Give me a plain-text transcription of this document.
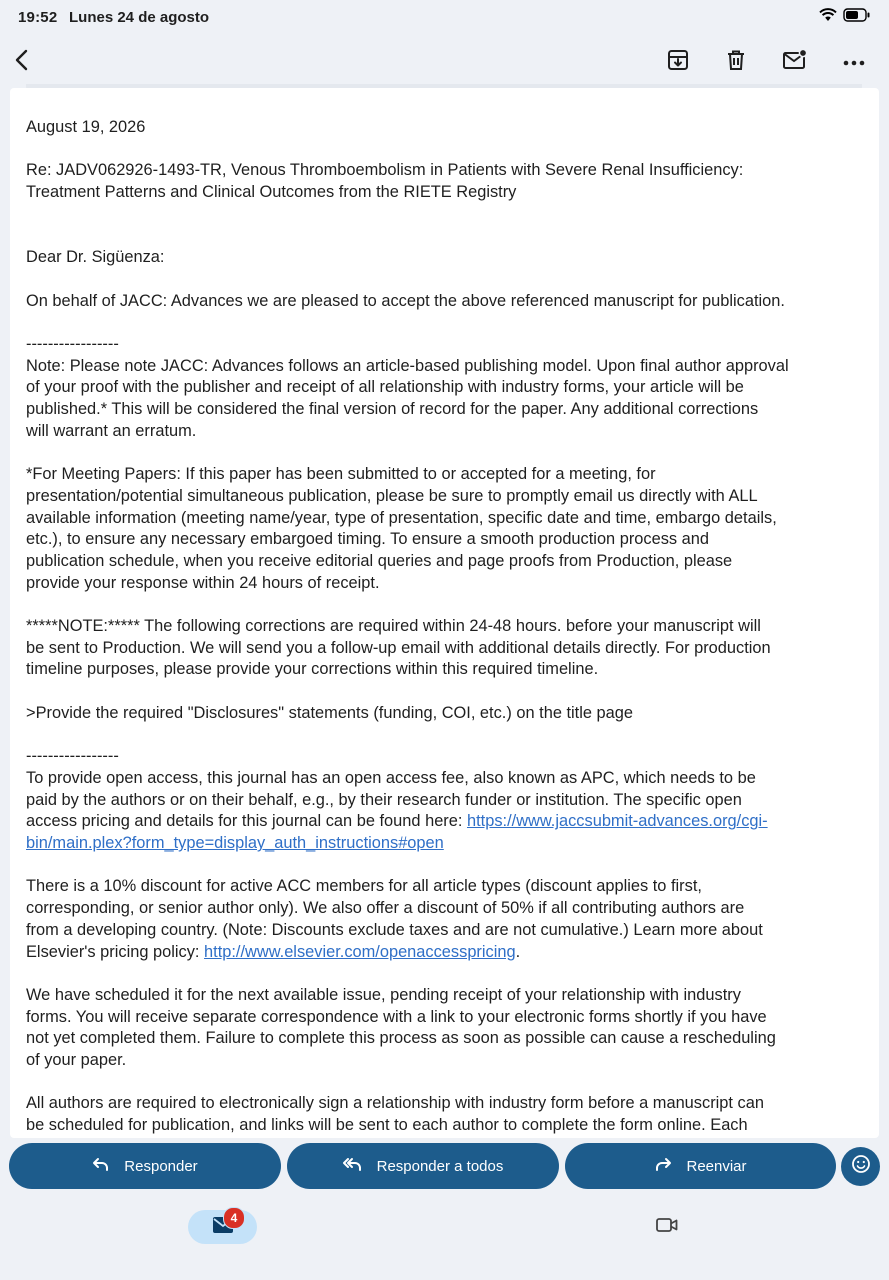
19:52 Lunes 24 de agosto

August 19, 2026

Re: JADV062926-1493-TR, Venous Thromboembolism in Patients with Severe Renal Insufficiency:
Treatment Patterns and Clinical Outcomes from the RIETE Registry

Dear Dr. Sigüenza:

On behalf of JACC: Advances we are pleased to accept the above referenced manuscript for publication.

-----------------

Note: Please note JACC: Advances follows an article-based publishing model. Upon final author approval
of your proof with the publisher and receipt of all relationship with industry forms, your article will be
published.* This will be considered the final version of record for the paper. Any additional corrections
will warrant an erratum.

*For Meeting Papers: If this paper has been submitted to or accepted for a meeting, for
presentation/potential simultaneous publication, please be sure to promptly email us directly with ALL
available information (meeting name/year, type of presentation, specific date and time, embargo details,
etc.), to ensure any necessary embargoed timing. To ensure a smooth production process and
publication schedule, when you receive editorial queries and page proofs from Production, please
provide your response within 24 hours of receipt.

*****NOTE:***** The following corrections are required within 24-48 hours. before your manuscript will
be sent to Production. We will send you a follow-up email with additional details directly. For production
timeline purposes, please provide your corrections within this required timeline.

>Provide the required "Disclosures" statements (funding, COI, etc.) on the title page

-----------------

To provide open access, this journal has an open access fee, also known as APC, which needs to be
paid by the authors or on their behalf, e.g., by their research funder or institution. The specific open
access pricing and details for this journal can be found here: https://www.jaccsubmit-advances.org/cgi-
bin/main.plex?form_type=display_auth_instructions#open

There is a 10% discount for active ACC members for all article types (discount applies to first,
corresponding, or senior author only). We also offer a discount of 50% if all contributing authors are
from a developing country. (Note: Discounts exclude taxes and are not cumulative.) Learn more about
Elsevier's pricing policy: http://www.elsevier.com/openaccesspricing.

We have scheduled it for the next available issue, pending receipt of your relationship with industry
forms. You will receive separate correspondence with a link to your electronic forms shortly if you have
not yet completed them. Failure to complete this process as soon as possible can cause a rescheduling
of your paper.

All authors are required to electronically sign a relationship with industry form before a manuscript can
be scheduled for publication, and links will be sent to each author to complete the form online. Each

Responder	Responder a todos	Reenviar
4
